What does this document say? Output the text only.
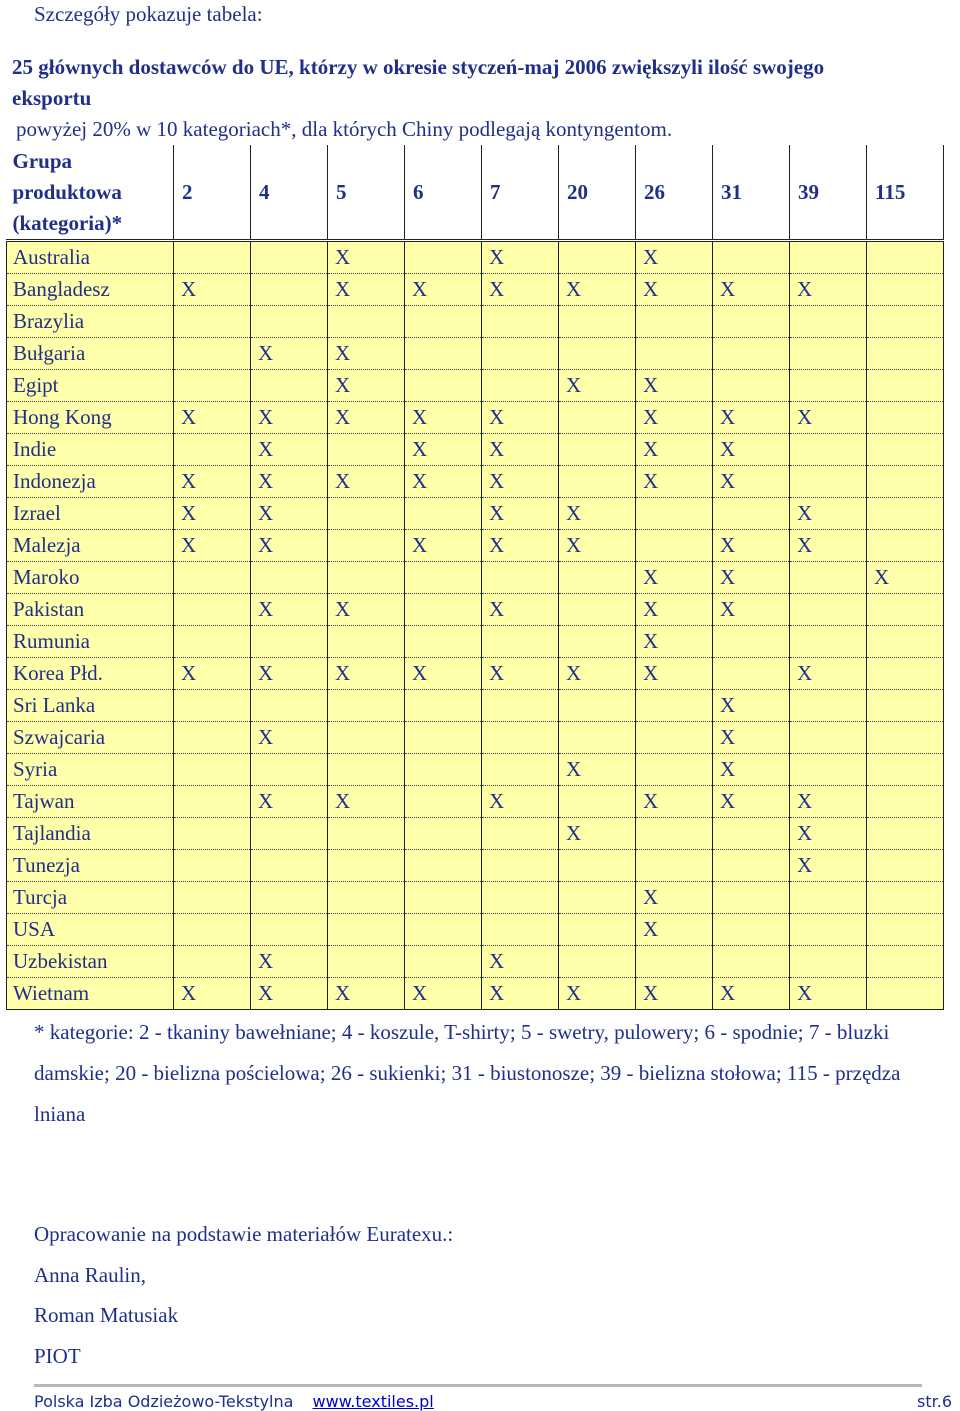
Szczegóły pokazuje tabela:
25 głównych dostawców do UE, którzy w okresie styczeń-maj 2006 zwiększyli ilość swojego
eksportu
powyżej 20% w 10 kategoriach*, dla których Chiny podlegają kontyngentom.
Grupa
produktowa
(kategoria)*	2	4	5	6	7	20	26	31	39	115
Australia			X		X		X			
Bangladesz	X		X	X	X	X	X	X	X	
Brazylia										
Bułgaria		X	X							
Egipt			X			X	X			
Hong Kong	X	X	X	X	X		X	X	X	
Indie		X		X	X		X	X		
Indonezja	X	X	X	X	X		X	X		
Izrael	X	X			X	X			X	
Malezja	X	X		X	X	X		X	X	
Maroko							X	X		X
Pakistan		X	X		X		X	X		
Rumunia							X			
Korea Płd.	X	X	X	X	X	X	X		X	
Sri Lanka								X		
Szwajcaria		X						X		
Syria						X		X		
Tajwan		X	X		X		X	X	X	
Tajlandia						X			X	
Tunezja									X	
Turcja							X			
USA							X			
Uzbekistan		X			X					
Wietnam	X	X	X	X	X	X	X	X	X	
* kategorie: 2 - tkaniny bawełniane; 4 - koszule, T-shirty; 5 - swetry, pulowery; 6 - spodnie; 7 - bluzki damskie; 20 - bielizna pościelowa; 26 - sukienki; 31 - biustonosze; 39 - bielizna stołowa; 115 - przędza lniana
Opracowanie na podstawie materiałów Euratexu.:
Anna Raulin,
Roman Matusiak
PIOT
Polska Izba Odzieżowo-Tekstylna www.textiles.pl	str.6
